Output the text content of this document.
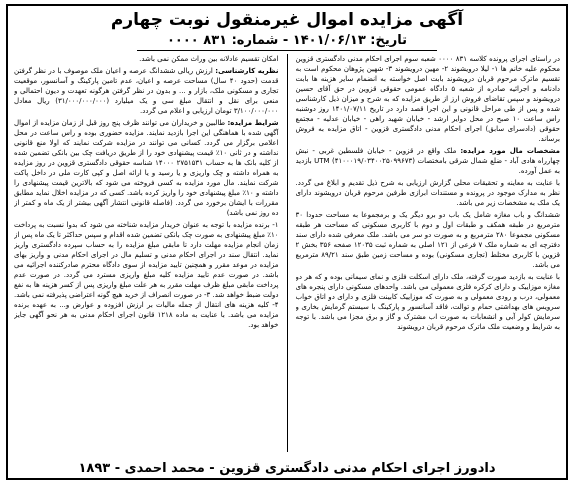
آگهی مزایده اموال غیرمنقول نوبت چهارم
تاریخ: ۱۴۰۱/۰۶/۱۳ - شماره: ۸۳۱ ۰۰۰۰

در راستای اجرای پرونده کلاسه ۸۳۱ ۰۰۰۰ شعبه سوم اجرای احکام مدنی دادگستری قزوین محکوم علیه خانم ها ۱- لیلا درویشوند ۲- مهین درویشوند ۳- شهین پژوهان محکوم است به تقسیم ماترک مرحوم قربان درویشوند بابت اصل خواسته به انضمام سایر هزینه ها بابت دادنامه و اجرائیه صادره از شعبه ۵ دادگاه عمومی حقوقی قزوین در حق آقای حسین درویشوند و سپس تقاضای فروش ارز از طریق مزایده که به شرح و میزان ذیل کارشناسی شده و پس از طی مراحل قانونی و این اجرا قصد دارد در تاریخ ۱۴۰۱/۰۷/۱۱ روز دوشنبه راس ساعت ۱۰ صبح در محل دوایر ارشد - خیابان شهید راهی - خیابان عدلیه - مجتمع حقوقی (دادسرای سابق) اجرای احکام مدنی دادگستری قزوین - اتاق مزایده به فروش برساند.

مشخصات مال مورد مزایده: ملک واقع در قزوین - خیابان فلسطین غربی - نبش چهارراه هادی آباد - ضلع شمال شرقی بامختصات UTM (۴۱۰۰۰۱۹/۰۳۴۰۰۲۵۰۹۹۶۷۳) بازدید به عمل آورده.

با عنایت به معاینه و تحقیقات محلی گزارش ارزیابی به شرح ذیل تقدیم و ابلاغ می گردد. نظر به مدارک موجود در پرونده و مستندات ابرازی طرفین مرحوم قربان درویشوند دارای یک ملک به مشخصات زیر می باشد.

ششدانگ و باب مغازه شامل یک باب دو برو دیگر یک و برمجموعا به مساحت حدودا ۳۰ مترمربع در طبقه همکف و طبقات اول و دوم با کاربری مسکونی که مساحت هر طبقه مسکونی مجموعا ۲۸۰ مترمربع و به صورت دو سر می باشد. ملک معرفی شده دارای سند دفترچه ای به شماره ملک ۷ فرعی از ۱۲۱ اصلی به شماره ثبت ۱۲۰۳۵ صفحه ۳۵۶ بخش ۲ قزوین با کاربری مختلط (تجاری مسکونی) بوده و مساحت زمین طبق سند ۸۹/۲۱ مترمربع می باشد.

با عنایت به بازدید صورت گرفته، ملک دارای اسکلت فلزی و نمای سیمانی بوده و که هر دو مغازه موزاییک و دارای کرکره فلزی معمولی می باشد. واحدهای مسکونی دارای پنجره های معمولی، درب و رودی معمولی و به صورت که موزاییک کابینت فلزی و دارای دو اتاق خواب سرویس های بهداشتی حمام و توالت، فاقد آسانسور و پارکینگ با سیستم گرمایش بخاری و سرمایش کولر آبی و انشعابات به صورت اب مشترک و گاز و برق مجزا می باشد. با توجه به شرایط و وضعیت ملک ماترک مرحوم قربان درویشوند

امکان تقسیم عادلانه بین وراث ممکن نمی باشد.

نظریه کارشناسی: ارزش ریالی ششدانگ عرصه و اعیان ملک موصوف با در نظر گرفتن قدمت (حدود ۴۰ سال) مساحت عرصه و اعیان، عدم تامین پارکینگ و آسانسور، موقعیت تجاری و مسکونی ملک، بازار و ... و بدون در نظر گرفتن هرگونه تعهدت و دیون احتمالی و منعی برای نقل و انتقال مبلغ سی و یک میلیارد (۳۱/۰۰۰/۰۰۰/۰۰۰) ریال معادل ۳/۱۰۰/۰۰۰/۰۰۰ تومان ارزیابی و اعلام می گردد.

شرایط مزایده: طالبین و خریداران می توانند ظرف پنج روز قبل از زمان مزایده از اموال آگهی شده با هماهنگی این اجرا بازدید نمایند. مزایده حضوری بوده و راس ساعت در محل اعلامی برگزار می گردد. کسانی می توانند در مزایده شرکت نمایند که اولا منع قانونی نداشته و در ثانی ۱۰٪ قیمت پیشنهادی خود را از طریق دریافت چک بین بانکی تضمین شده از کلیه بانک ها به حساب ۲۷۵۱۵۳۱ ۱۴۰۰۰ شناسه حقوقی دادگستری قزوین در روز مزایده به همراه داشته و چک واریزی و یا رسید و یا ارائه اصل و کپی کارت ملی در داخل پاکت شرکت نمایند. مال مورد مزایده به کسی فروخته می شود که بالاترین قیمت پیشنهادی را داشته و ۱۰٪ مبلغ پیشنهادی خود را واریز کرده باشد. کسی که در مزایده اخلال نماید مطابق مقررات با ایشان برخورد می گردد. (فاصله قانونی انتشار آگهی بیشتر از یک ماه و کمتر از ده روز نمی باشد)

۱- برنده مزایده با توجه به عنوان خریدار مزایده شناخته می شود که بدوا نسبت به پرداخت ۱۰٪ مبلغ پیشنهادی به صورت چک بانکی تضمین شده اقدام و سپس حداکثر تا یک ماه پس از زمان انجام مزایده مهلت دارد تا مابقی مبلغ مزایده را به حساب سپرده دادگستری واریز نماید. انتقال سند در اجرای احکام مدنی و تسلیم مال در اجرای احکام مدنی و واریز بهای مزایده در موعد مقرر و همچنین تایید مزایده از سوی دادگاه محترم صادرکننده اجرائیه می باشد. در صورت عدم تایید مزایده کلیه مبلغ واریزی مسترد می گردد. در صورت عدم پرداخت مابقی مبلغ ظرف مهلت مقرر به هر علت مبلغ واریزی پس از کسر هزینه ها به نفع دولت ضبط خواهد شد. ۳- در صورت انصراف از خرید هیچ گونه اعتراضی پذیرفته نمی باشد. ۴- کلیه هزینه های انتقال از جمله مالیات بر ارزش افزوده و عوارض و... به عهده برنده مزایده می باشد. با عنایت به ماده ۱۲۱۸ قانون اجرای احکام مدنی به هر نحو آگهی جایز خواهد بود.

دادورز اجرای احکام مدنی دادگستری قزوین - محمد احمدی - ۱۸۹۳
